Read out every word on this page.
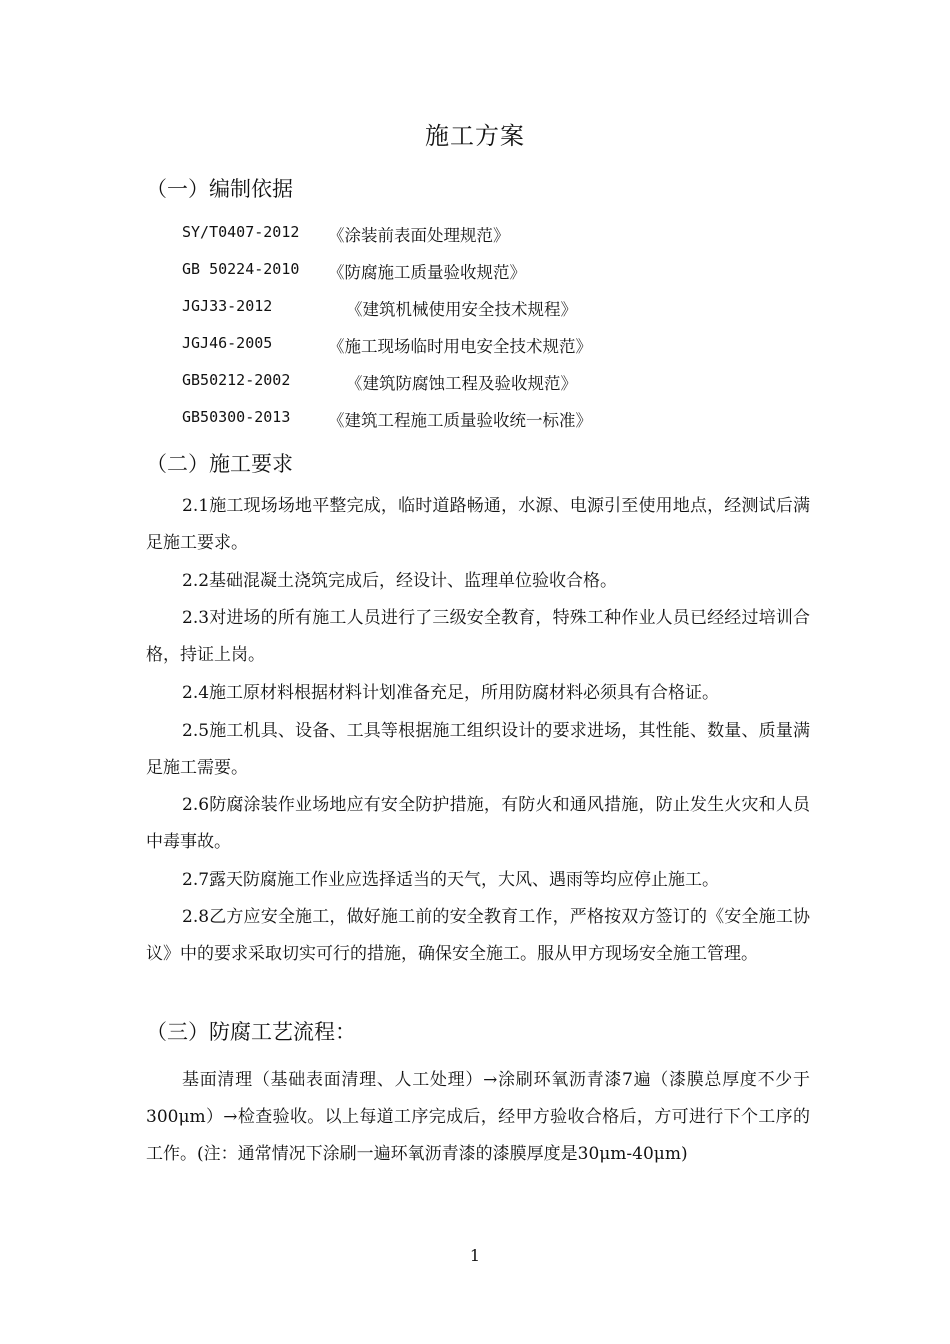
施工方案
（一）编制依据
SY/T0407-2012 《涂装前表面处理规范》
GB 50224-2010 《防腐施工质量验收规范》
JGJ33-2012	《建筑机械使用安全技术规程》
JGJ46-2005	《施工现场临时用电安全技术规范》
GB50212-2002	《建筑防腐蚀工程及验收规范》
GB50300-2013 《建筑工程施工质量验收统一标准》
（二）施工要求
2.1施工现场场地平整完成，临时道路畅通，水源、电源引至使用地点，经测试后满足施工要求。
2.2基础混凝土浇筑完成后，经设计、监理单位验收合格。
2.3对进场的所有施工人员进行了三级安全教育，特殊工种作业人员已经经过培训合格，持证上岗。
2.4施工原材料根据材料计划准备充足，所用防腐材料必须具有合格证。
2.5施工机具、设备、工具等根据施工组织设计的要求进场，其性能、数量、质量满足施工需要。
2.6防腐涂装作业场地应有安全防护措施，有防火和通风措施，防止发生火灾和人员中毒事故。
2.7露天防腐施工作业应选择适当的天气，大风、遇雨等均应停止施工。
2.8乙方应安全施工，做好施工前的安全教育工作，严格按双方签订的《安全施工协议》中的要求采取切实可行的措施，确保安全施工。服从甲方现场安全施工管理。
（三）防腐工艺流程：
基面清理（基础表面清理、人工处理）→涂刷环氧沥青漆7遍（漆膜总厚度不少于 300μm）→检查验收。以上每道工序完成后，经甲方验收合格后，方可进行下个工序的工作。(注：通常情况下涂刷一遍环氧沥青漆的漆膜厚度是30μm-40μm)
1
